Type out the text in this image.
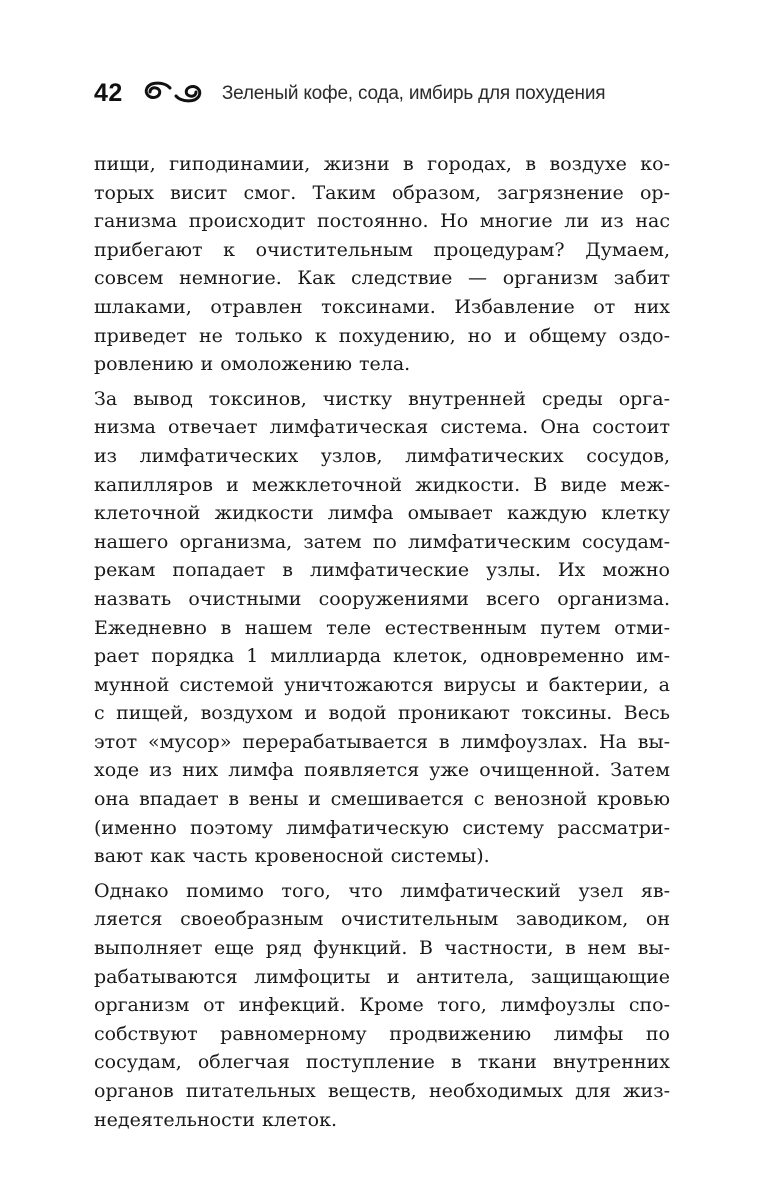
42	Зеленый кофе, сода, имбирь для похудения
пищи, гиподинамии, жизни в городах, в воздухе ко-
торых висит смог. Таким образом, загрязнение ор-
ганизма происходит постоянно. Но многие ли из нас
прибегают к очистительным процедурам? Думаем,
совсем немногие. Как следствие — организм забит
шлаками, отравлен токсинами. Избавление от них
приведет не только к похудению, но и общему оздо-
ровлению и омоложению тела.
За вывод токсинов, чистку внутренней среды орга-
низма отвечает лимфатическая система. Она состоит
из лимфатических узлов, лимфатических сосудов,
капилляров и межклеточной жидкости. В виде меж-
клеточной жидкости лимфа омывает каждую клетку
нашего организма, затем по лимфатическим сосудам-
рекам попадает в лимфатические узлы. Их можно
назвать очистными сооружениями всего организма.
Ежедневно в нашем теле естественным путем отми-
рает порядка 1 миллиарда клеток, одновременно им-
мунной системой уничтожаются вирусы и бактерии, а
с пищей, воздухом и водой проникают токсины. Весь
этот «мусор» перерабатывается в лимфоузлах. На вы-
ходе из них лимфа появляется уже очищенной. Затем
она впадает в вены и смешивается с венозной кровью
(именно поэтому лимфатическую систему рассматри-
вают как часть кровеносной системы).
Однако помимо того, что лимфатический узел яв-
ляется своеобразным очистительным заводиком, он
выполняет еще ряд функций. В частности, в нем вы-
рабатываются лимфоциты и антитела, защищающие
организм от инфекций. Кроме того, лимфоузлы спо-
собствуют равномерному продвижению лимфы по
сосудам, облегчая поступление в ткани внутренних
органов питательных веществ, необходимых для жиз-
недеятельности клеток.
